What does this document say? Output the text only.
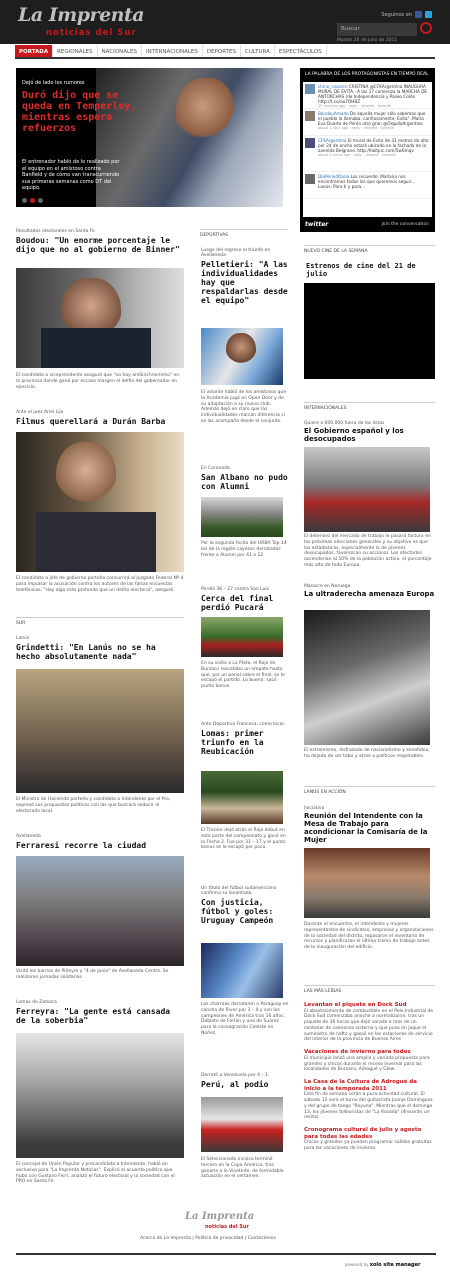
La Imprenta
noticias del Sur
Seguinos en
Buscar
Martes 26 de julio de 2011
PORTADA	REGIONALES	NACIONALES	INTERNACIONALES	DEPORTES	CULTURA	ESPECTÁCULOS
Dejó de lado los rumores
Duró dijo que se queda en Temperley, mientras espera refuerzos
El entrenador habló de lo realizado por el equipo en el amistoso contra Banfield y de cómo van transcurriendo sus primeras semanas como DT del equipo.
LA PALABRA DE LOS PROTAGONISTAS EN TIEMPO REAL
chino_navarro CRISTINA @CFKArgentina INAUGURA MURAL DE EVITA - A las 17 comienza la MARCHA DE ANTORCHAS (de Independencia y Paseo Colón http://t.co/au7OHBZ
25 minutes ago · reply · retweet · favorite
BoudouAmado De aquella mujer sólo sabemos que el pueblo la llamaba, cariñosamente, Evita". María Eva Duarte de Perón otro gran @OrgulloArgentino
about 1 hour ago · reply · retweet · favorite
CFKArgentina El mural de Evita de 31 metros de alto por 24 de ancho estará ubicado en la fachada de la avenida Belgrano. http://twitpic.com/5w6mqv
about 2 hours ago · reply · retweet · favorite
DiaPeriodDario Los recuerdo: Mañana nos encontramos todos los que queremos seguir... Lanús: Para ti y para...
twitter	Join the conversation
Resultados electorales en Santa Fe
Boudou: "Un enorme porcentaje le dijo que no al gobierno de Binner"
El candidato a vicepresidente aseguró que "no hay antikirchnerismo" en la provincia donde ganó por escaso margen el delfín del gobernador en ejercicio.
Ante el juez Ariel Lijo
Filmus querellará a Durán Barba
El candidato a jefe de gobierno porteño concurrirá al Juzgado Federal Nº 4 para impulsar la acusación contra los autores de las falsas encuestas telefónicas. "Hay algo más profundo que un delito electoral", aseguró.
SUR
Lanús
Grindetti: "En Lanús no se ha hecho absolutamente nada"
El Ministro de Hacienda porteño y candidato a Intendente por el Pro, expresó sus propuestas políticas con las que buscará seducir al electorado local.
Avellaneda
Ferraresi recorre la ciudad
Visitó los barrios de Piñeyro y "4 de Junio" de Avellaneda Centro. Se realizaron jornadas solidarias.
Lomas de Zamora
Ferreyra: "La gente está cansada de la soberbia"
El concejal de Unión Popular y precandidato a Intendente, habló en exclusiva para "La Imprenta Noticias". Explicó el acuerdo político que hubo con Gustavo Ferri, analizó el futuro electoral y la sociedad con el PRO en Santa Fe.
DEPORTIVAS
Luego del regreso al triunfo en Avellaneda
Pelletieri: "A las individualidades hay que respaldarlas desde el equipo"
El volante habló de los amistosos que la Academia jugó en Open Door y de su adaptación a su nuevo club. Además dejó en claro que las individualidades marcan diferencia si se las acompaña desde el conjunto.
En Coronado.
San Albano no pudo con Alumni
Por la segunda fecha del URBA Top 14 los de la región cayeron derrotados frente a Alumni por 41 a 12.
Perdió 36 – 27 contra San Luis
Cerca del final perdió Pucará
En su visita a La Plata, el Rojo de Burzaco rescataba un empate hasta que, por un penal sobre el final, se le escapó el partido. Lo bueno: sacó punto bonus.
Ante Deportiva Francesa, como local.
Lomas: primer triunfo en la Reubicación
El Tricolor dejó atrás el flojo debut en esta parte del campeonato y ganó en la Fecha 2. Fue por 31 – 17 y el punto bonus se le escapó por poco.
Un título del fútbol sudamericano confirma su levantada.
Con justicia, fútbol y goles: Uruguay Campeón
Los charrúas derrotaron a Paraguay en cancha de River por 3 – 0 y son los campeones de América tras 16 años. Doblete de Forlán y uno de Suárez para la consagración Celeste en Núñez.
Derrotó a Venezuela por 4 – 1.
Perú, al podio
El Seleccionado incaico terminó tercero en la Copa América, tras ganarle a la Vinotinto, de formidable actuación en el certamen.
NUEVO CINE DE LA SEMANA
Estrenos de cine del 21 de julio
INTERNACIONALES
Quiere a 600.000 fuera de las listas
El Gobierno español y los desocupados
El deterioro del mercado de trabajo le pasará factura en las próximas elecciones generales y su objetivo es que las estadísticas, especialmente la de jóvenes desocupados, favorezcan su accionar. Los afectados ascenderían al 50% de la población activa, el porcentaje más alto de toda Europa.
Masacre en Noruega
La ultraderecha amenaza Europa
El extremismo, disfrazado de nacionalismo y xenofobia, ha dejado de ser tabú y atrae a políticos respetables.
LANÚS EN ACCIÓN
Iniciativa
Reunión del Intendente con la Mesa de Trabajo para acondicionar la Comisaría de la Mujer
Durante el encuentro, el intendente y mujeres representantes de sindicatos, empresas y organizaciones de la sociedad del distrito, repasaron el inventario de recursos y planificaron el último tramo de trabajo antes de la inauguración del edificio.
LAS MÁS LEÍDAS
Levantan el piquete en Dock Sud
El abastecimiento de combustible en el Polo Industrial de Dock Sud comenzaba anoche a normalizarse, tras un piquete de 36 horas que dejó varado a más de un centenar de camiones cisterna y que puso en jaque el suministro de nafta y gasoil en las estaciones de servicio del interior de la provincia de Buenos Aires
Vacaciones de invierno para todos
El municipio lanzó una amplia y variada propuesta para grandes y chicos durante el receso invernal para las localidades de Burzaco, Adrogué y Glew.
La Casa de la Cultura de Adrogué da inicio a la temporada 2011
Este fin de semana serán a pura actividad cultural. El sábado 12 será el turno del guitarrista Juanjo Domínguez y del grupo de tango "Reyuna". Mientras que el domingo 13, los jóvenes folkloristas de "La Rosada" ofrecerán un recital.
Cronograma cultural de julio y agosto para todas las edades
Chicos y grandes ya pueden programar salidas gratuitas para las vacaciones de invierno.
La Imprenta
noticias del Sur
Acerca de La Imprenta | Política de privacidad | Contáctenos
powered by xolo site manager
